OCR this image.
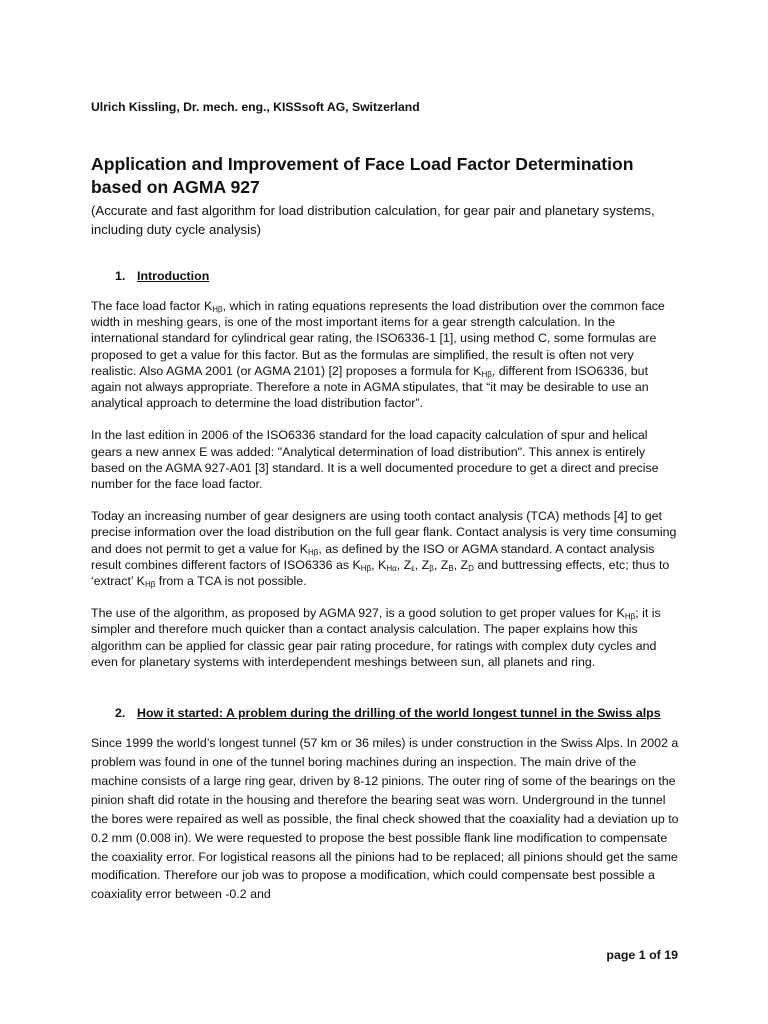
Ulrich Kissling, Dr. mech. eng., KISSsoft AG, Switzerland
Application and Improvement of Face Load Factor Determination based on AGMA 927
(Accurate and fast algorithm for load distribution calculation, for gear pair and planetary systems, including duty cycle analysis)
1. Introduction

The face load factor $K_{H\beta}$, which in rating equations represents the load distribution over the common face width in meshing gears, is one of the most important items for a gear strength calculation. In the international standard for cylindrical gear rating, the ISO6336-1 [1], using method C, some formulas are proposed to get a value for this factor. But as the formulas are simplified, the result is often not very realistic. Also AGMA 2001 (or AGMA 2101) [2] proposes a formula for $K_{H\beta}$, different from ISO6336, but again not always appropriate. Therefore a note in AGMA stipulates, that “it may be desirable to use an analytical approach to determine the load distribution factor”.

In the last edition in 2006 of the ISO6336 standard for the load capacity calculation of spur and helical gears a new annex E was added: "Analytical determination of load distribution". This annex is entirely based on the AGMA 927-A01 [3] standard. It is a well documented procedure to get a direct and precise number for the face load factor.

Today an increasing number of gear designers are using tooth contact analysis (TCA) methods [4] to get precise information over the load distribution on the full gear flank. Contact analysis is very time consuming and does not permit to get a value for $K_{H\beta}$, as defined by the ISO or AGMA standard. A contact analysis result combines different factors of ISO6336 as $K_{H\beta}$, $K_{H\alpha}$, $Z_\varepsilon$, $Z_\beta$, $Z_B$, $Z_D$ and buttressing effects, etc; thus to ‘extract’ $K_{H\beta}$ from a TCA is not possible.

The use of the algorithm, as proposed by AGMA 927, is a good solution to get proper values for $K_{H\beta}$; it is simpler and therefore much quicker than a contact analysis calculation. The paper explains how this algorithm can be applied for classic gear pair rating procedure, for ratings with complex duty cycles and even for planetary systems with interdependent meshings between sun, all planets and ring.

2. How it started: A problem during the drilling of the world longest tunnel in the Swiss alps

Since 1999 the world’s longest tunnel (57 km or 36 miles) is under construction in the Swiss Alps. In 2002 a problem was found in one of the tunnel boring machines during an inspection. The main drive of the machine consists of a large ring gear, driven by 8-12 pinions. The outer ring of some of the bearings on the pinion shaft did rotate in the housing and therefore the bearing seat was worn. Underground in the tunnel the bores were repaired as well as possible, the final check showed that the coaxiality had a deviation up to 0.2 mm (0.008 in). We were requested to propose the best possible flank line modification to compensate the coaxiality error. For logistical reasons all the pinions had to be replaced; all pinions should get the same modification. Therefore our job was to propose a modification, which could compensate best possible a coaxiality error between -0.2 and

page 1 of 19
